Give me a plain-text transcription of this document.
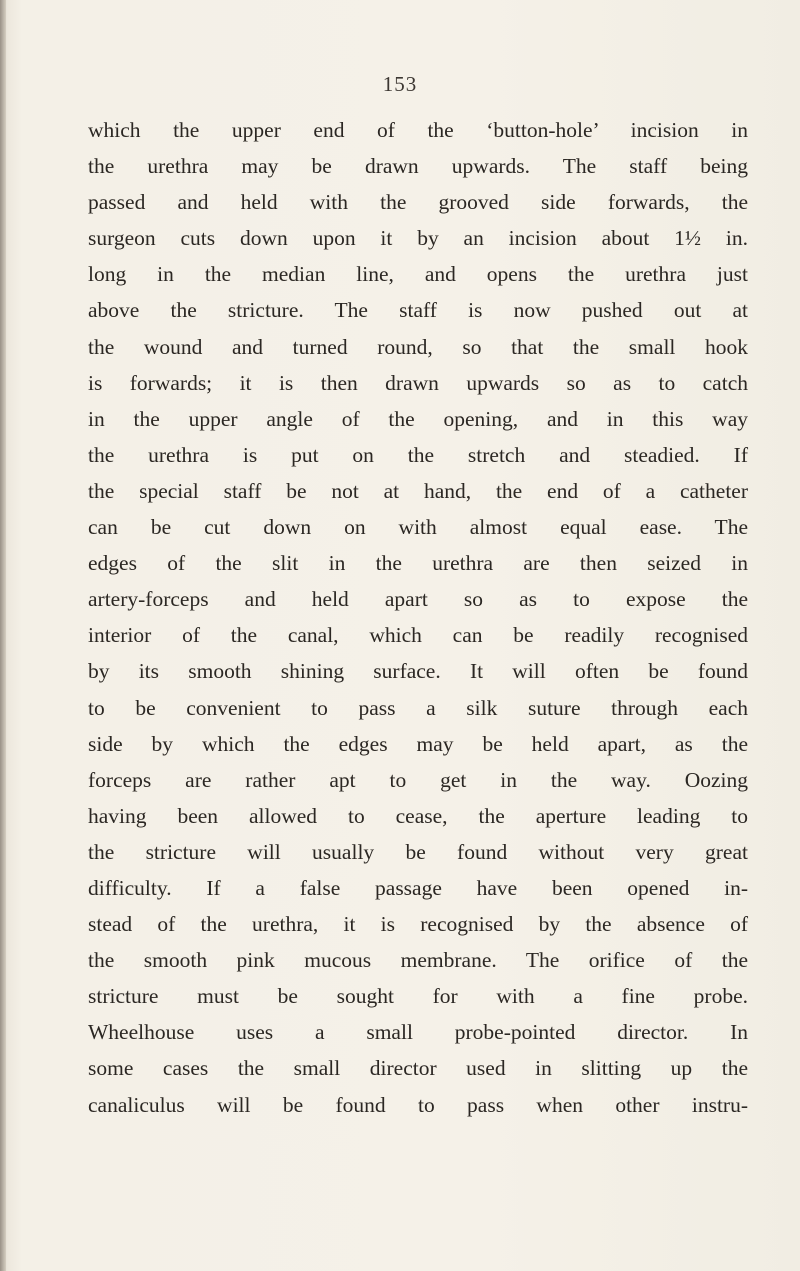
153
which the upper end of the ‘button-hole’ incision in
the urethra may be drawn upwards. The staff being
passed and held with the grooved side forwards, the
surgeon cuts down upon it by an incision about 1½ in.
long in the median line, and opens the urethra just
above the stricture. The staff is now pushed out at
the wound and turned round, so that the small hook
is forwards; it is then drawn upwards so as to catch
in the upper angle of the opening, and in this way
the urethra is put on the stretch and steadied. If
the special staff be not at hand, the end of a catheter
can be cut down on with almost equal ease. The
edges of the slit in the urethra are then seized in
artery-forceps and held apart so as to expose the
interior of the canal, which can be readily recognised
by its smooth shining surface. It will often be found
to be convenient to pass a silk suture through each
side by which the edges may be held apart, as the
forceps are rather apt to get in the way. Oozing
having been allowed to cease, the aperture leading to
the stricture will usually be found without very great
difficulty. If a false passage have been opened in-
stead of the urethra, it is recognised by the absence of
the smooth pink mucous membrane. The orifice of the
stricture must be sought for with a fine probe.
Wheelhouse uses a small probe-pointed director. In
some cases the small director used in slitting up the
canaliculus will be found to pass when other instru-
